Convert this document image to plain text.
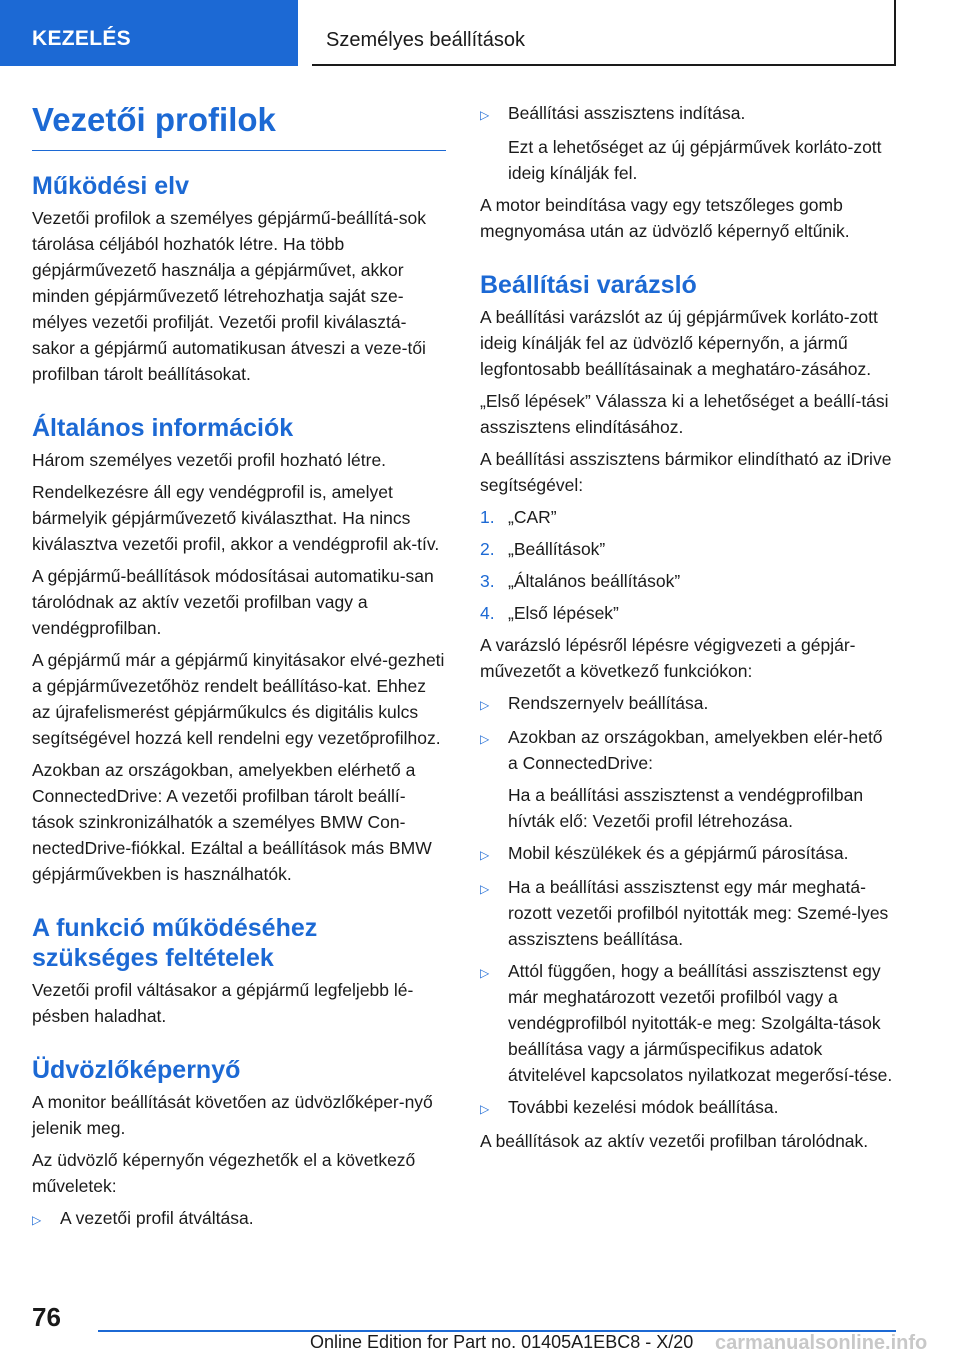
KEZELÉS	Személyes beállítások
Vezetői profilok
Működési elv

Vezetői profilok a személyes gépjármű-beállítá-sok tárolása céljából hozhatók létre. Ha több gépjárművezető használja a gépjárművet, akkor minden gépjárművezető létrehozhatja saját sze-mélyes vezetői profilját. Vezetői profil kiválasztá-sakor a gépjármű automatikusan átveszi a veze-tői profilban tárolt beállításokat.

Általános információk

Három személyes vezetői profil hozható létre.

Rendelkezésre áll egy vendégprofil is, amelyet bármelyik gépjárművezető kiválaszthat. Ha nincs kiválasztva vezetői profil, akkor a vendégprofil ak-tív.

A gépjármű-beállítások módosításai automatiku-san tárolódnak az aktív vezetői profilban vagy a vendégprofilban.

A gépjármű már a gépjármű kinyitásakor elvé-gezheti a gépjárművezetőhöz rendelt beállításo-kat. Ehhez az újrafelismerést gépjárműkulcs és digitális kulcs segítségével hozzá kell rendelni egy vezetőprofilhoz.

Azokban az országokban, amelyekben elérhető a ConnectedDrive: A vezetői profilban tárolt beállí-tások szinkronizálhatók a személyes BMW Con-nectedDrive-fiókkal. Ezáltal a beállítások más BMW gépjárművekben is használhatók.

A funkció működéséhez szükséges feltételek

Vezetői profil váltásakor a gépjármű legfeljebb lé-pésben haladhat.

Üdvözlőképernyő

A monitor beállítását követően az üdvözlőképer-nyő jelenik meg.

Az üdvözlő képernyőn végezhetők el a következő műveletek:

▷	A vezetői profil átváltása.
▷	Beállítási asszisztens indítása.

Ezt a lehetőséget az új gépjárművek korláto-zott ideig kínálják fel.

A motor beindítása vagy egy tetszőleges gomb megnyomása után az üdvözlő képernyő eltűnik.

Beállítási varázsló

A beállítási varázslót az új gépjárművek korláto-zott ideig kínálják fel az üdvözlő képernyőn, a jármű legfontosabb beállításainak a meghatáro-zásához.

„Első lépések” Válassza ki a lehetőséget a beállí-tási asszisztens elindításához.

A beállítási asszisztens bármikor elindítható az iDrive segítségével:

1. „CAR”
2. „Beállítások”
3. „Általános beállítások”
4. „Első lépések”

A varázsló lépésről lépésre végigvezeti a gépjár-művezetőt a következő funkciókon:

▷	Rendszernyelv beállítása.
▷	Azokban az országokban, amelyekben elér-hető a ConnectedDrive:

Ha a beállítási asszisztenst a vendégprofilban hívták elő: Vezetői profil létrehozása.

▷	Mobil készülékek és a gépjármű párosítása.
▷	Ha a beállítási asszisztenst egy már meghatá-rozott vezetői profilból nyitották meg: Szemé-lyes asszisztens beállítása.
▷	Attól függően, hogy a beállítási asszisztenst egy már meghatározott vezetői profilból vagy a vendégprofilból nyitották-e meg: Szolgálta-tások beállítása vagy a járműspecifikus adatok átvitelével kapcsolatos nyilatkozat megerősí-tése.
▷	További kezelési módok beállítása.

A beállítások az aktív vezetői profilban tárolódnak.

76
Online Edition for Part no. 01405A1EBC8 - X/20 carmanualsonline.info
